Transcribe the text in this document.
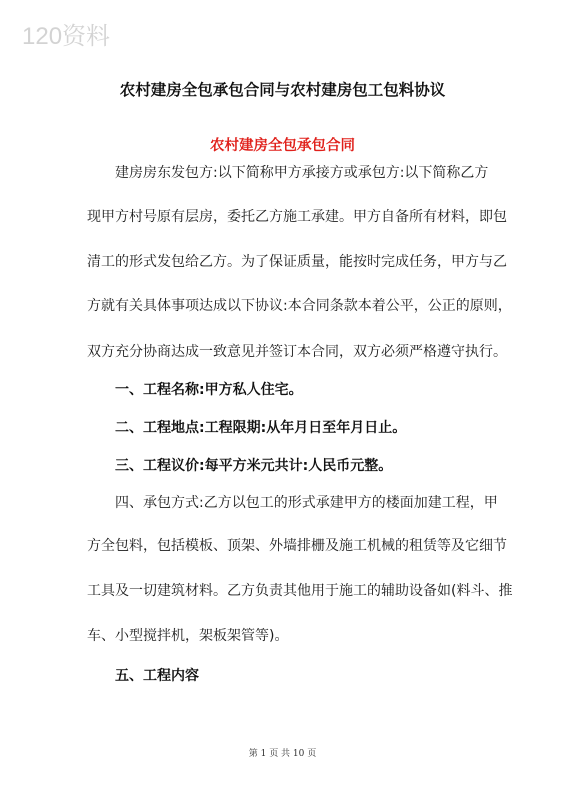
120资料
农村建房全包承包合同与农村建房包工包料协议
农村建房全包承包合同
建房房东发包方:以下简称甲方承接方或承包方:以下简称乙方
现甲方村号原有层房，委托乙方施工承建。甲方自备所有材料，即包
清工的形式发包给乙方。为了保证质量，能按时完成任务，甲方与乙
方就有关具体事项达成以下协议:本合同条款本着公平，公正的原则，
双方充分协商达成一致意见并签订本合同，双方必须严格遵守执行。
一、工程名称:甲方私人住宅。
二、工程地点:工程限期:从年月日至年月日止。
三、工程议价:每平方米元共计:人民币元整。
四、承包方式:乙方以包工的形式承建甲方的楼面加建工程，甲
方全包料，包括模板、顶架、外墙排栅及施工机械的租赁等及它细节
工具及一切建筑材料。乙方负责其他用于施工的辅助设备如(料斗、推
车、小型搅拌机，架板架管等)。
五、工程内容
第 1 页 共 10 页
